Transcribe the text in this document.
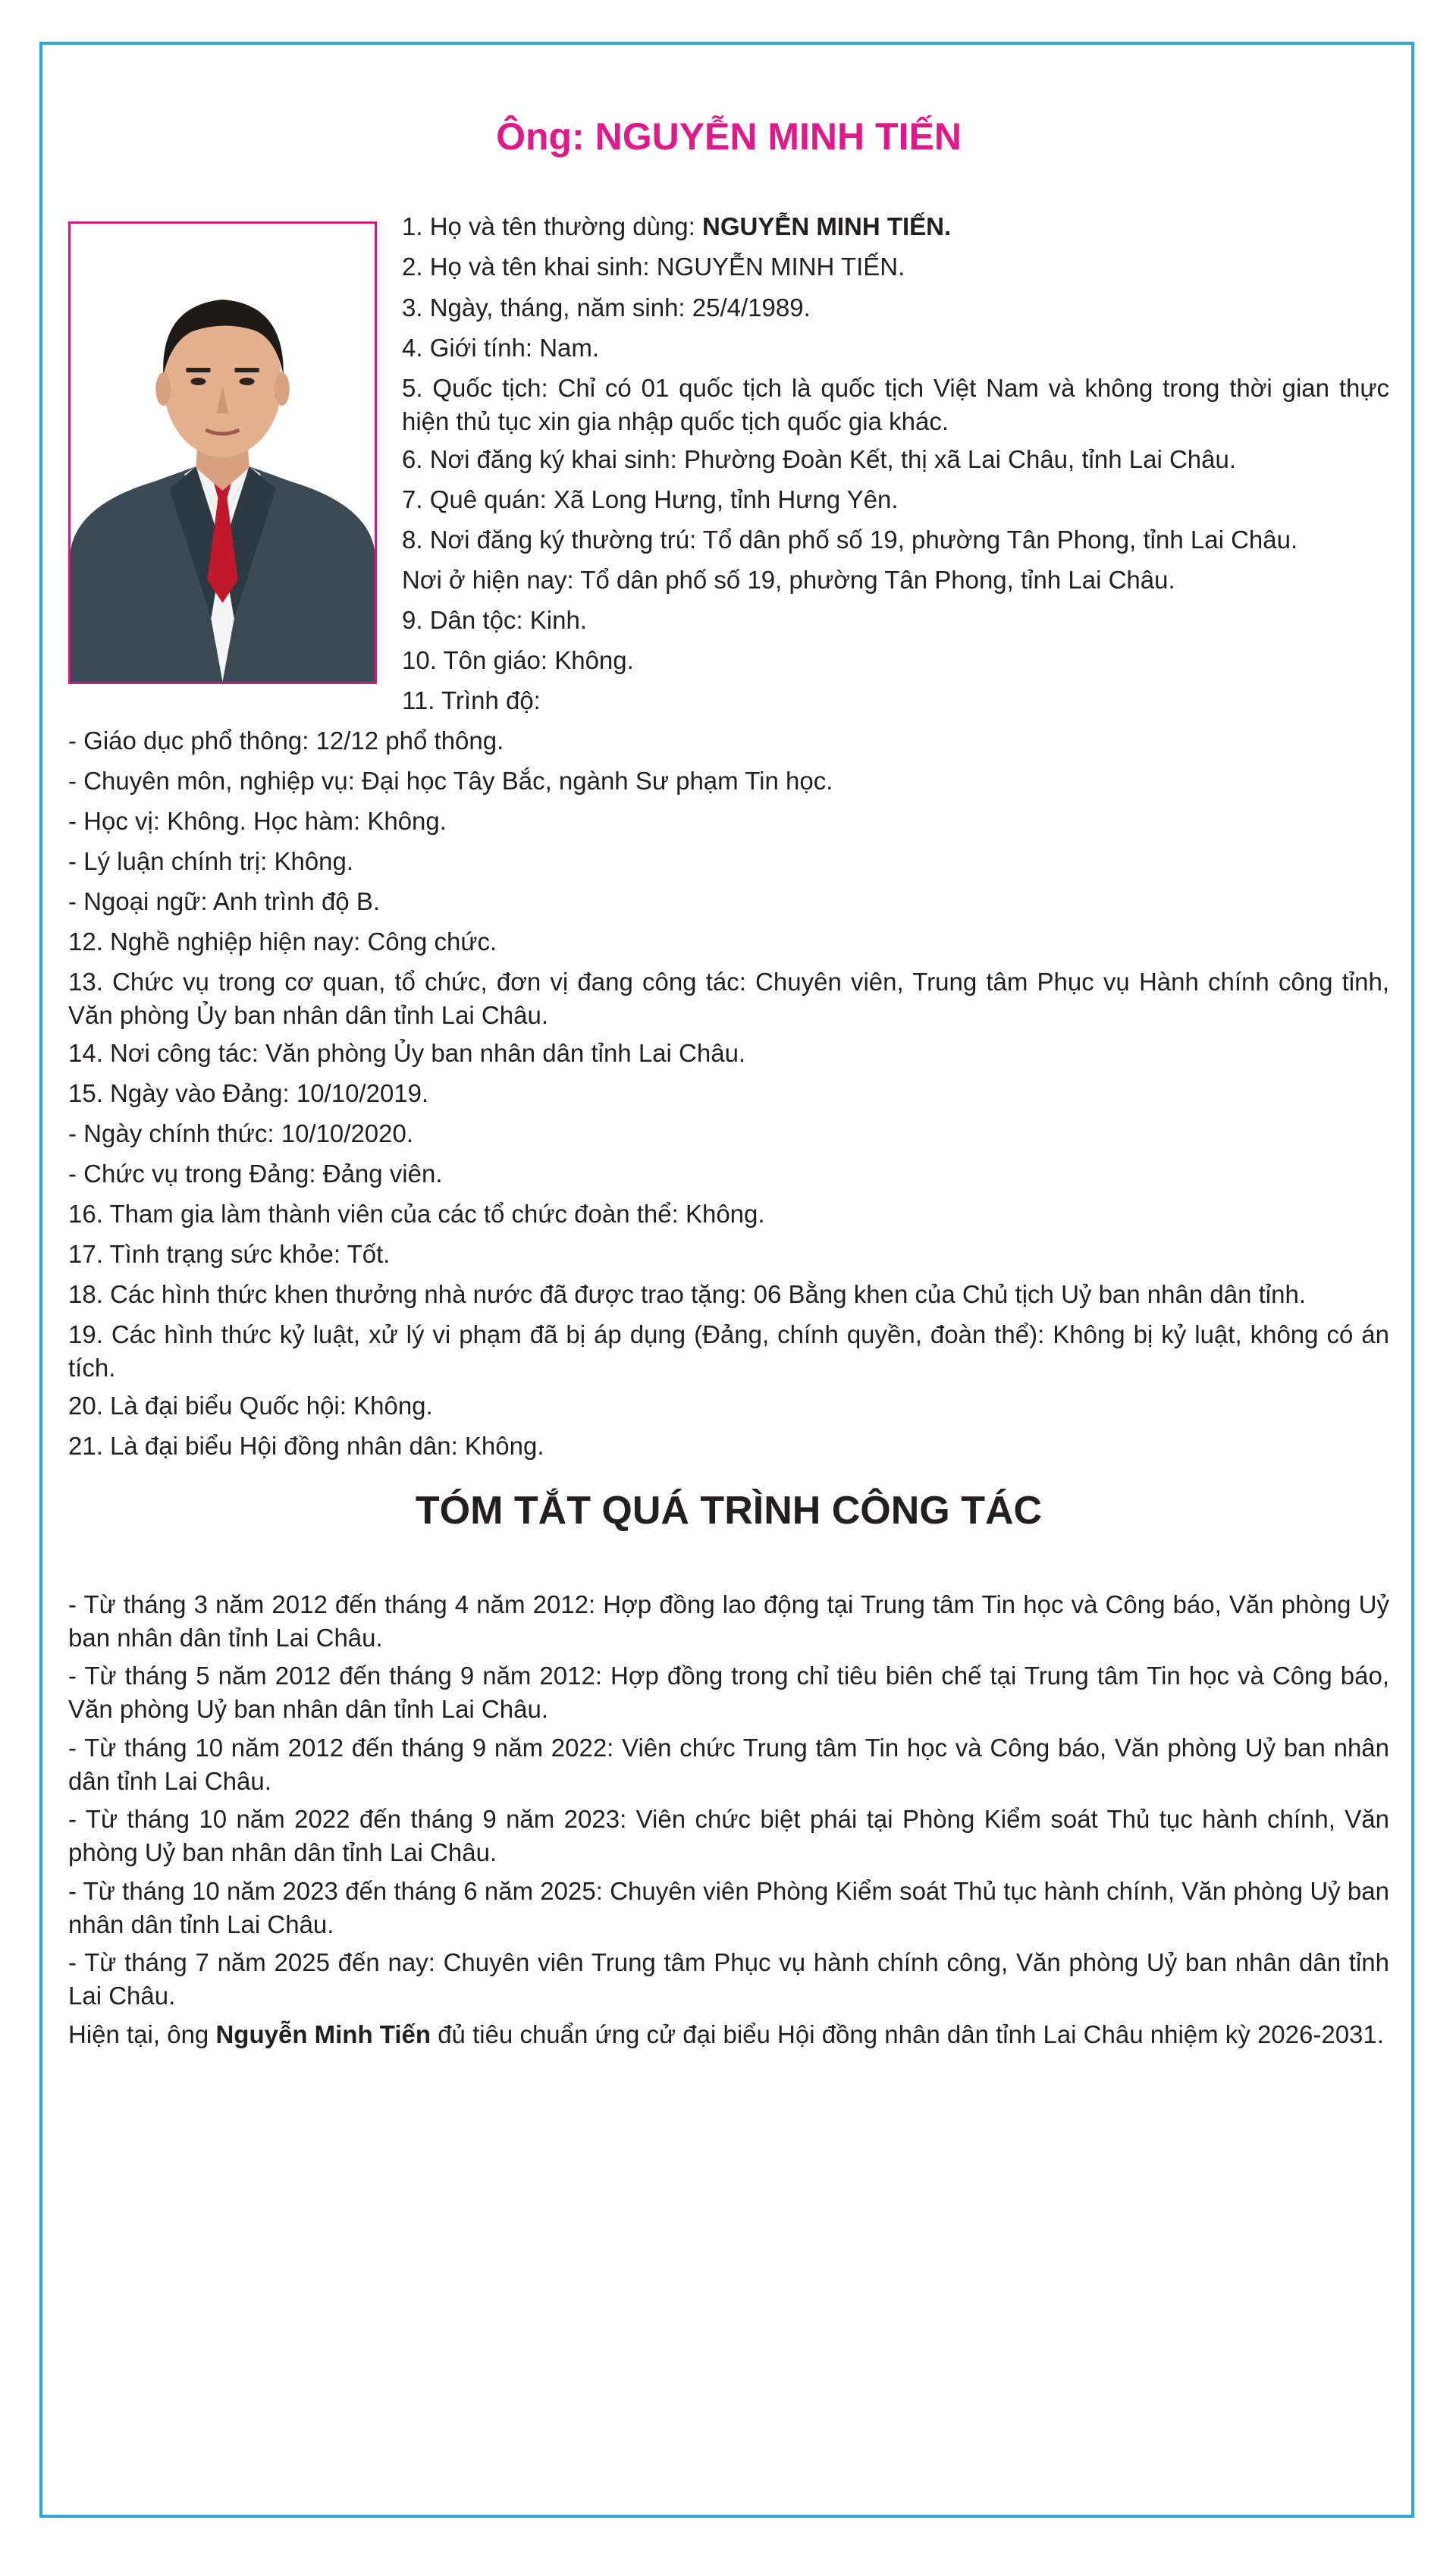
Ông: NGUYỄN MINH TIẾN

1. Họ và tên thường dùng: NGUYỄN MINH TIẾN.

2. Họ và tên khai sinh: NGUYỄN MINH TIẾN.

3. Ngày, tháng, năm sinh: 25/4/1989.

4. Giới tính: Nam.

5. Quốc tịch: Chỉ có 01 quốc tịch là quốc tịch Việt Nam và không trong thời gian thực hiện thủ tục xin gia nhập quốc tịch quốc gia khác.

6. Nơi đăng ký khai sinh: Phường Đoàn Kết, thị xã Lai Châu, tỉnh Lai Châu.

7. Quê quán: Xã Long Hưng, tỉnh Hưng Yên.

8. Nơi đăng ký thường trú: Tổ dân phố số 19, phường Tân Phong, tỉnh Lai Châu.

Nơi ở hiện nay: Tổ dân phố số 19, phường Tân Phong, tỉnh Lai Châu.

9. Dân tộc: Kinh.

10. Tôn giáo: Không.

11. Trình độ:

- Giáo dục phổ thông: 12/12 phổ thông.

- Chuyên môn, nghiệp vụ: Đại học Tây Bắc, ngành Sư phạm Tin học.

- Học vị: Không. Học hàm: Không.

- Lý luận chính trị: Không.

- Ngoại ngữ: Anh trình độ B.

12. Nghề nghiệp hiện nay: Công chức.

13. Chức vụ trong cơ quan, tổ chức, đơn vị đang công tác: Chuyên viên, Trung tâm Phục vụ Hành chính công tỉnh, Văn phòng Ủy ban nhân dân tỉnh Lai Châu.

14. Nơi công tác: Văn phòng Ủy ban nhân dân tỉnh Lai Châu.

15. Ngày vào Đảng: 10/10/2019.

- Ngày chính thức: 10/10/2020.

- Chức vụ trong Đảng: Đảng viên.

16. Tham gia làm thành viên của các tổ chức đoàn thể: Không.

17. Tình trạng sức khỏe: Tốt.

18. Các hình thức khen thưởng nhà nước đã được trao tặng: 06 Bằng khen của Chủ tịch Uỷ ban nhân dân tỉnh.

19. Các hình thức kỷ luật, xử lý vi phạm đã bị áp dụng (Đảng, chính quyền, đoàn thể): Không bị kỷ luật, không có án tích.

20. Là đại biểu Quốc hội: Không.

21. Là đại biểu Hội đồng nhân dân: Không.

TÓM TẮT QUÁ TRÌNH CÔNG TÁC

- Từ tháng 3 năm 2012 đến tháng 4 năm 2012: Hợp đồng lao động tại Trung tâm Tin học và Công báo, Văn phòng Uỷ ban nhân dân tỉnh Lai Châu.

- Từ tháng 5 năm 2012 đến tháng 9 năm 2012: Hợp đồng trong chỉ tiêu biên chế tại Trung tâm Tin học và Công báo, Văn phòng Uỷ ban nhân dân tỉnh Lai Châu.

- Từ tháng 10 năm 2012 đến tháng 9 năm 2022: Viên chức Trung tâm Tin học và Công báo, Văn phòng Uỷ ban nhân dân tỉnh Lai Châu.

- Từ tháng 10 năm 2022 đến tháng 9 năm 2023: Viên chức biệt phái tại Phòng Kiểm soát Thủ tục hành chính, Văn phòng Uỷ ban nhân dân tỉnh Lai Châu.

- Từ tháng 10 năm 2023 đến tháng 6 năm 2025: Chuyên viên Phòng Kiểm soát Thủ tục hành chính, Văn phòng Uỷ ban nhân dân tỉnh Lai Châu.

- Từ tháng 7 năm 2025 đến nay: Chuyên viên Trung tâm Phục vụ hành chính công, Văn phòng Uỷ ban nhân dân tỉnh Lai Châu.

Hiện tại, ông Nguyễn Minh Tiến đủ tiêu chuẩn ứng cử đại biểu Hội đồng nhân dân tỉnh Lai Châu nhiệm kỳ 2026-2031.
